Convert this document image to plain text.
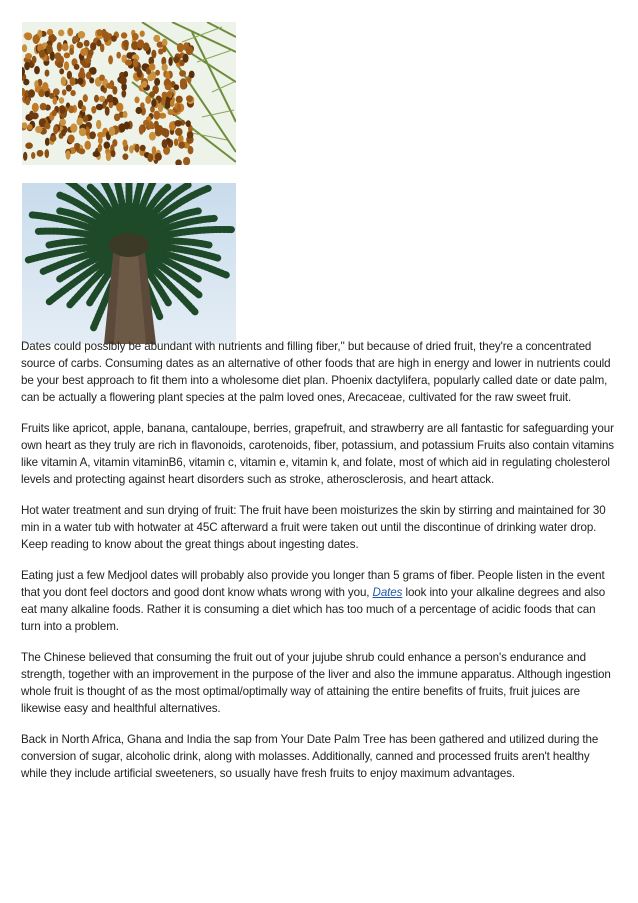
Dates could possibly be abundant with nutrients and filling fiber,'' but because of dried fruit, they're a concentrated source of carbs. Consuming dates as an alternative of other foods that are high in energy and lower in nutrients could be your best approach to fit them into a wholesome diet plan. Phoenix dactylifera, popularly called date or date palm, can be actually a flowering plant species at the palm loved ones, Arecaceae, cultivated for the raw sweet fruit.

Fruits like apricot, apple, banana, cantaloupe, berries, grapefruit, and strawberry are all fantastic for safeguarding your own heart as they truly are rich in flavonoids, carotenoids, fiber, potassium, and potassium Fruits also contain vitamins like vitamin A, vitamin vitaminB6, vitamin c, vitamin e, vitamin k, and folate, most of which aid in regulating cholesterol levels and protecting against heart disorders such as stroke, atherosclerosis, and heart attack.

Hot water treatment and sun drying of fruit: The fruit have been moisturizes the skin by stirring and maintained for 30 min in a water tub with hotwater at 45C afterward a fruit were taken out until the discontinue of drinking water drop. Keep reading to know about the great things about ingesting dates.

Eating just a few Medjool dates will probably also provide you longer than 5 grams of fiber. People listen in the event that you dont feel doctors and good dont know whats wrong with you, Dates look into your alkaline degrees and also eat many alkaline foods. Rather it is consuming a diet which has too much of a percentage of acidic foods that can turn into a problem.

The Chinese believed that consuming the fruit out of your jujube shrub could enhance a person's endurance and strength, together with an improvement in the purpose of the liver and also the immune apparatus. Although ingestion whole fruit is thought of as the most optimal/optimally way of attaining the entire benefits of fruits, fruit juices are likewise easy and healthful alternatives.

Back in North Africa, Ghana and India the sap from Your Date Palm Tree has been gathered and utilized during the conversion of sugar, alcoholic drink, along with molasses. Additionally, canned and processed fruits aren't healthy while they include artificial sweeteners, so usually have fresh fruits to enjoy maximum advantages.
